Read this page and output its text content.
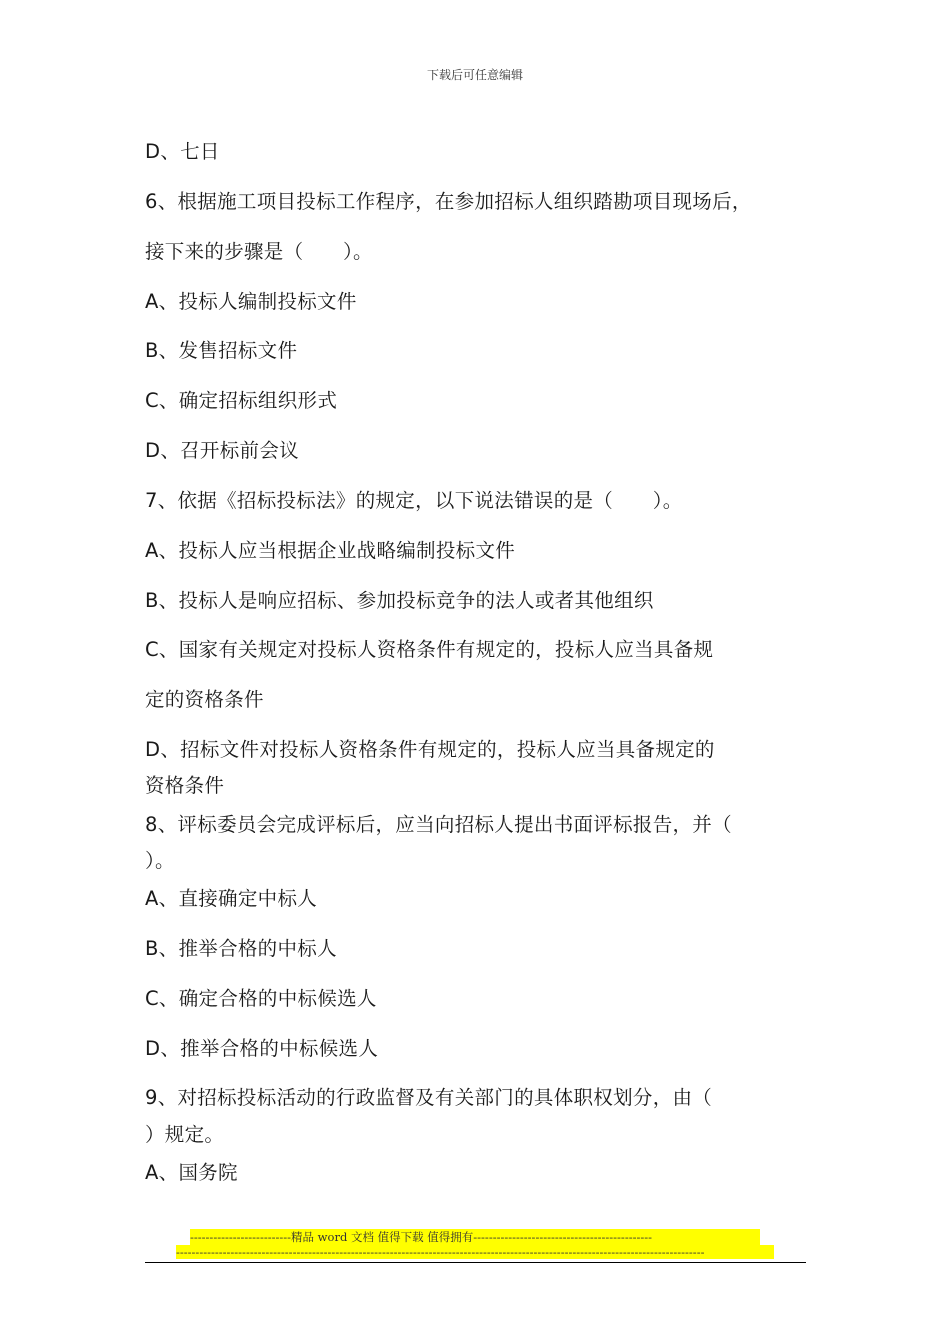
下载后可任意编辑
D、七日
6、根据施工项目投标工作程序，在参加招标人组织踏勘项目现场后，
接下来的步骤是（　　）。
A、投标人编制投标文件
B、发售招标文件
C、确定招标组织形式
D、召开标前会议
7、依据《招标投标法》的规定，以下说法错误的是（　　）。
A、投标人应当根据企业战略编制投标文件
B、投标人是响应招标、参加投标竞争的法人或者其他组织
C、国家有关规定对投标人资格条件有规定的，投标人应当具备规
定的资格条件
D、招标文件对投标人资格条件有规定的，投标人应当具备规定的
资格条件
8、评标委员会完成评标后，应当向招标人提出书面评标报告，并（
）。
A、直接确定中标人
B、推举合格的中标人
C、确定合格的中标候选人
D、推举合格的中标候选人
9、对招标投标活动的行政监督及有关部门的具体职权划分，由（
）规定。
A、国务院
--------------------------精品 word 文档 值得下载 值得拥有----------------------------------------------
----------------------------------------------------------------------------------------------------------------------------------------
